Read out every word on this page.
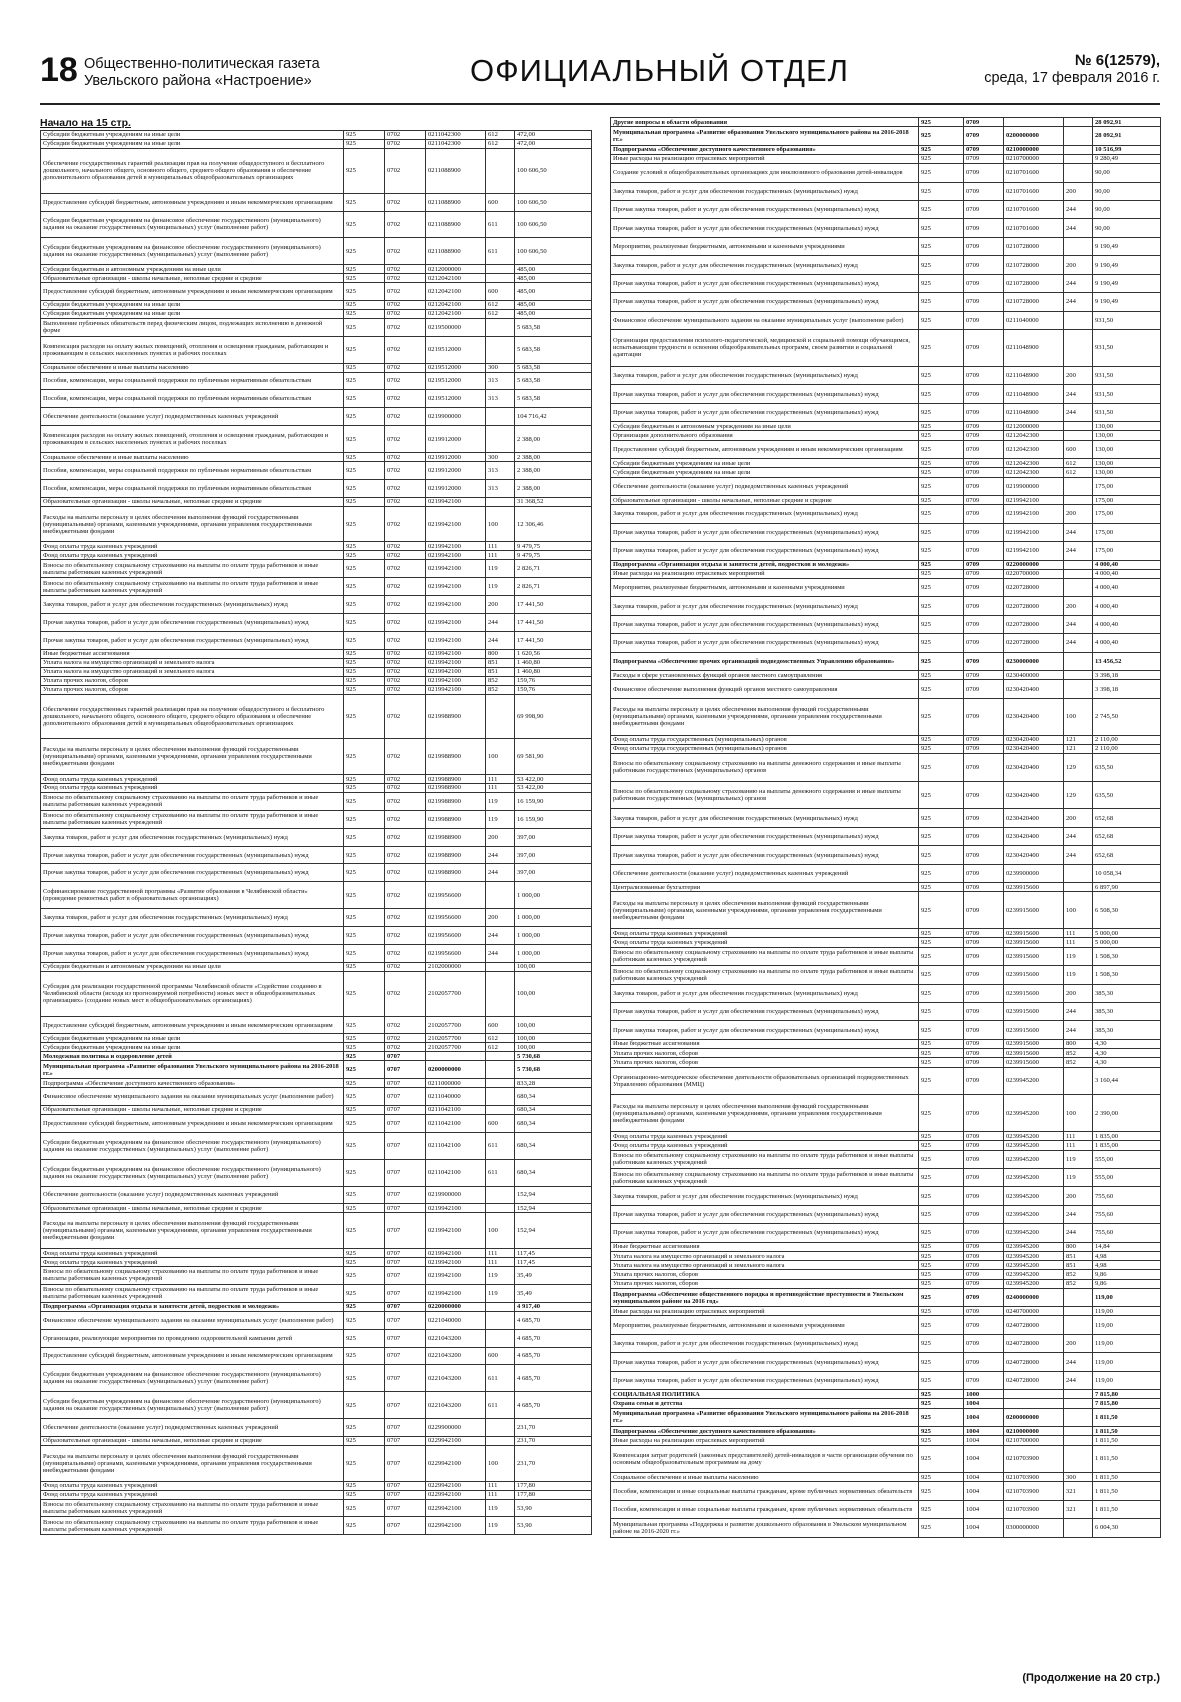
18 Общественно-политическая газета
Увельского района «Настроение»	ОФИЦИАЛЬНЫЙ ОТДЕЛ	№ 6(12579),
среда, 17 февраля 2016 г.
Начало на 15 стр.
Субсидии бюджетным учреждениям на иные цели	925	0702	0211042300	612	472,00
Субсидии бюджетным учреждениям на иные цели	925	0702	0211042300	612	472,00
Обеспечение государственных гарантий реализации прав на получение общедоступного и бесплатного дошкольного, начального общего, основного общего, среднего общего образования и обеспечение дополнительного образования детей в муниципальных общеобразовательных организациях	925	0702	0211088900		100 606,50
Предоставление субсидий бюджетным, автономным учреждениям и иным некоммерческим организациям	925	0702	0211088900	600	100 606,50
Субсидии бюджетным учреждениям на финансовое обеспечение государственного (муниципального) задания на оказание государственных (муниципальных) услуг (выполнение работ)	925	0702	0211088900	611	100 606,50
Субсидии бюджетным учреждениям на финансовое обеспечение государственного (муниципального) задания на оказание государственных (муниципальных) услуг (выполнение работ)	925	0702	0211088900	611	100 606,50
Субсидии бюджетным и автономным учреждениям на иные цели	925	0702	0212000000		485,00
Образовательные организации - школы начальные, неполные средние и средние	925	0702	0212042100		485,00
Предоставление субсидий бюджетным, автономным учреждениям и иным некоммерческим организациям	925	0702	0212042100	600	485,00
Субсидии бюджетным учреждениям на иные цели	925	0702	0212042100	612	485,00
Субсидии бюджетным учреждениям на иные цели	925	0702	0212042100	612	485,00
Выполнение публичных обязательств перед физическим лицом, подлежащих исполнению в денежной форме	925	0702	0219500000		5 683,58
Компенсация расходов на оплату жилых помещений, отопления и освещения гражданам, работающим и проживающим в сельских населенных пунктах и рабочих поселках	925	0702	0219512000		5 683,58
Социальное обеспечение и иные выплаты населению	925	0702	0219512000	300	5 683,58
Пособия, компенсации, меры социальной поддержки по публичным нормативным обязательствам	925	0702	0219512000	313	5 683,58
Пособия, компенсации, меры социальной поддержки по публичным нормативным обязательствам	925	0702	0219512000	313	5 683,58
Обеспечение деятельности (оказание услуг) подведомственных казенных учреждений	925	0702	0219900000		104 716,42
Компенсация расходов на оплату жилых помещений, отопления и освещения гражданам, работающим и проживающим в сельских населенных пунктах и рабочих поселках	925	0702	0219912000		2 388,00
Социальное обеспечение и иные выплаты населению	925	0702	0219912000	300	2 388,00
Пособия, компенсации, меры социальной поддержки по публичным нормативным обязательствам	925	0702	0219912000	313	2 388,00
Пособия, компенсации, меры социальной поддержки по публичным нормативным обязательствам	925	0702	0219912000	313	2 388,00
Образовательные организации - школы начальные, неполные средние и средние	925	0702	0219942100		31 368,52
Расходы на выплаты персоналу в целях обеспечения выполнения функций государственными (муниципальными) органами, казенными учреждениями, органами управления государственными внебюджетными фондами	925	0702	0219942100	100	12 306,46
Фонд оплаты труда казенных учреждений	925	0702	0219942100	111	9 479,75
Фонд оплаты труда казенных учреждений	925	0702	0219942100	111	9 479,75
Взносы по обязательному социальному страхованию на выплаты по оплате труда работников и иные выплаты работникам казенных учреждений	925	0702	0219942100	119	2 826,71
Взносы по обязательному социальному страхованию на выплаты по оплате труда работников и иные выплаты работникам казенных учреждений	925	0702	0219942100	119	2 826,71
Закупка товаров, работ и услуг для обеспечения государственных (муниципальных) нужд	925	0702	0219942100	200	17 441,50
Прочая закупка товаров, работ и услуг для обеспечения государственных (муниципальных) нужд	925	0702	0219942100	244	17 441,50
Прочая закупка товаров, работ и услуг для обеспечения государственных (муниципальных) нужд	925	0702	0219942100	244	17 441,50
Иные бюджетные ассигнования	925	0702	0219942100	800	1 620,56
Уплата налога на имущество организаций и земельного налога	925	0702	0219942100	851	1 460,80
Уплата налога на имущество организаций и земельного налога	925	0702	0219942100	851	1 460,80
Уплата прочих налогов, сборов	925	0702	0219942100	852	159,76
Уплата прочих налогов, сборов	925	0702	0219942100	852	159,76
Обеспечение государственных гарантий реализации прав на получение общедоступного и бесплатного дошкольного, начального общего, основного общего, среднего общего образования и обеспечение дополнительного образования детей в муниципальных общеобразовательных организациях	925	0702	0219988900		69 998,90
Расходы на выплаты персоналу в целях обеспечения выполнения функций государственными (муниципальными) органами, казенными учреждениями, органами управления государственными внебюджетными фондами	925	0702	0219988900	100	69 581,90
Фонд оплаты труда казенных учреждений	925	0702	0219988900	111	53 422,00
Фонд оплаты труда казенных учреждений	925	0702	0219988900	111	53 422,00
Взносы по обязательному социальному страхованию на выплаты по оплате труда работников и иные выплаты работникам казенных учреждений	925	0702	0219988900	119	16 159,90
Взносы по обязательному социальному страхованию на выплаты по оплате труда работников и иные выплаты работникам казенных учреждений	925	0702	0219988900	119	16 159,90
Закупка товаров, работ и услуг для обеспечения государственных (муниципальных) нужд	925	0702	0219988900	200	397,00
Прочая закупка товаров, работ и услуг для обеспечения государственных (муниципальных) нужд	925	0702	0219988900	244	397,00
Прочая закупка товаров, работ и услуг для обеспечения государственных (муниципальных) нужд	925	0702	0219988900	244	397,00
Софинансирование государственной программы «Развитие образования в Челябинской области» (проведение ремонтных работ в образовательных организациях)	925	0702	0219956600		1 000,00
Закупка товаров, работ и услуг для обеспечения государственных (муниципальных) нужд	925	0702	0219956600	200	1 000,00
Прочая закупка товаров, работ и услуг для обеспечения государственных (муниципальных) нужд	925	0702	0219956600	244	1 000,00
Прочая закупка товаров, работ и услуг для обеспечения государственных (муниципальных) нужд	925	0702	0219956600	244	1 000,00
Субсидии бюджетным и автономным учреждениям на иные цели	925	0702	2102000000		100,00
Субсидия для реализации государственной программы Челябинской области «Содействие созданию в Челябинской области (исходя из прогнозируемой потребности) новых мест в общеобразовательных организациях» (создание новых мест в общеобразовательных организациях)	925	0702	2102057700		100,00
Предоставление субсидий бюджетным, автономным учреждениям и иным некоммерческим организациям	925	0702	2102057700	600	100,00
Субсидии бюджетным учреждениям на иные цели	925	0702	2102057700	612	100,00
Субсидии бюджетным учреждениям на иные цели	925	0702	2102057700	612	100,00
Молодежная политика и оздоровление детей	925	0707			5 730,68
Муниципальная программа «Развитие образования Увельского муниципального района на 2016-2018 гг.»	925	0707	0200000000		5 730,68
Подпрограмма «Обеспечение доступного качественного образования»	925	0707	0211000000		833,28
Финансовое обеспечение муниципального задания на оказание муниципальных услуг (выполнение работ)	925	0707	0211040000		680,34
Образовательные организации - школы начальные, неполные средние и средние	925	0707	0211042100		680,34
Предоставление субсидий бюджетным, автономным учреждениям и иным некоммерческим организациям	925	0707	0211042100	600	680,34
Субсидии бюджетным учреждениям на финансовое обеспечение государственного (муниципального) задания на оказание государственных (муниципальных) услуг (выполнение работ)	925	0707	0211042100	611	680,34
Субсидии бюджетным учреждениям на финансовое обеспечение государственного (муниципального) задания на оказание государственных (муниципальных) услуг (выполнение работ)	925	0707	0211042100	611	680,34
Обеспечение деятельности (оказание услуг) подведомственных казенных учреждений	925	0707	0219900000		152,94
Образовательные организации - школы начальные, неполные средние и средние	925	0707	0219942100		152,94
Расходы на выплаты персоналу в целях обеспечения выполнения функций государственными (муниципальными) органами, казенными учреждениями, органами управления государственными внебюджетными фондами	925	0707	0219942100	100	152,94
Фонд оплаты труда казенных учреждений	925	0707	0219942100	111	117,45
Фонд оплаты труда казенных учреждений	925	0707	0219942100	111	117,45
Взносы по обязательному социальному страхованию на выплаты по оплате труда работников и иные выплаты работникам казенных учреждений	925	0707	0219942100	119	35,49
Взносы по обязательному социальному страхованию на выплаты по оплате труда работников и иные выплаты работникам казенных учреждений	925	0707	0219942100	119	35,49
Подпрограмма «Организация отдыха и занятости детей, подростков и молодежи»	925	0707	0220000000		4 917,40
Финансовое обеспечение муниципального задания на оказание муниципальных услуг (выполнение работ)	925	0707	0221040000		4 685,70
Организации, реализующие мероприятия по проведению оздоровительной кампании детей	925	0707	0221043200		4 685,70
Предоставление субсидий бюджетным, автономным учреждениям и иным некоммерческим организациям	925	0707	0221043200	600	4 685,70
Субсидии бюджетным учреждениям на финансовое обеспечение государственного (муниципального) задания на оказание государственных (муниципальных) услуг (выполнение работ)	925	0707	0221043200	611	4 685,70
Субсидии бюджетным учреждениям на финансовое обеспечение государственного (муниципального) задания на оказание государственных (муниципальных) услуг (выполнение работ)	925	0707	0221043200	611	4 685,70
Обеспечение деятельности (оказание услуг) подведомственных казенных учреждений	925	0707	0229900000		231,70
Образовательные организации - школы начальные, неполные средние и средние	925	0707	0229942100		231,70
Расходы на выплаты персоналу в целях обеспечения выполнения функций государственными (муниципальными) органами, казенными учреждениями, органами управления государственными внебюджетными фондами	925	0707	0229942100	100	231,70
Фонд оплаты труда казенных учреждений	925	0707	0229942100	111	177,80
Фонд оплаты труда казенных учреждений	925	0707	0229942100	111	177,80
Взносы по обязательному социальному страхованию на выплаты по оплате труда работников и иные выплаты работникам казенных учреждений	925	0707	0229942100	119	53,90
Взносы по обязательному социальному страхованию на выплаты по оплате труда работников и иные выплаты работникам казенных учреждений	925	0707	0229942100	119	53,90
Другие вопросы в области образования	925	0709			28 092,91
Муниципальная программа «Развитие образования Увельского муниципального района на 2016-2018 гг.»	925	0709	0200000000		28 092,91
Подпрограмма «Обеспечение доступного качественного образования»	925	0709	0210000000		10 516,99
Иные расходы на реализацию отраслевых мероприятий	925	0709	0210700000		9 280,49
Создание условий в общеобразовательных организациях для инклюзивного образования детей-инвалидов	925	0709	0210701600		90,00
Закупка товаров, работ и услуг для обеспечения государственных (муниципальных) нужд	925	0709	0210701600	200	90,00
Прочая закупка товаров, работ и услуг для обеспечения государственных (муниципальных) нужд	925	0709	0210701600	244	90,00
Прочая закупка товаров, работ и услуг для обеспечения государственных (муниципальных) нужд	925	0709	0210701600	244	90,00
Мероприятия, реализуемые бюджетными, автономными и казенными учреждениями	925	0709	0210728000		9 190,49
Закупка товаров, работ и услуг для обеспечения государственных (муниципальных) нужд	925	0709	0210728000	200	9 190,49
Прочая закупка товаров, работ и услуг для обеспечения государственных (муниципальных) нужд	925	0709	0210728000	244	9 190,49
Прочая закупка товаров, работ и услуг для обеспечения государственных (муниципальных) нужд	925	0709	0210728000	244	9 190,49
Финансовое обеспечение муниципального задания на оказание муниципальных услуг (выполнение работ)	925	0709	0211040000		931,50
Организация предоставления психолого-педагогической, медицинской и социальной помощи обучающимся, испытывающим трудности в освоении общеобразовательных программ, своем развитии и социальной адаптации	925	0709	0211048900		931,50
Закупка товаров, работ и услуг для обеспечения государственных (муниципальных) нужд	925	0709	0211048900	200	931,50
Прочая закупка товаров, работ и услуг для обеспечения государственных (муниципальных) нужд	925	0709	0211048900	244	931,50
Прочая закупка товаров, работ и услуг для обеспечения государственных (муниципальных) нужд	925	0709	0211048900	244	931,50
Субсидии бюджетным и автономным учреждениям на иные цели	925	0709	0212000000		130,00
Организации дополнительного образования	925	0709	0212042300		130,00
Предоставление субсидий бюджетным, автономным учреждениям и иным некоммерческим организациям	925	0709	0212042300	600	130,00
Субсидии бюджетным учреждениям на иные цели	925	0709	0212042300	612	130,00
Субсидии бюджетным учреждениям на иные цели	925	0709	0212042300	612	130,00
Обеспечение деятельности (оказание услуг) подведомственных казенных учреждений	925	0709	0219900000		175,00
Образовательные организации - школы начальные, неполные средние и средние	925	0709	0219942100		175,00
Закупка товаров, работ и услуг для обеспечения государственных (муниципальных) нужд	925	0709	0219942100	200	175,00
Прочая закупка товаров, работ и услуг для обеспечения государственных (муниципальных) нужд	925	0709	0219942100	244	175,00
Прочая закупка товаров, работ и услуг для обеспечения государственных (муниципальных) нужд	925	0709	0219942100	244	175,00
Подпрограмма «Организация отдыха и занятости детей, подростков и молодежи»	925	0709	0220000000		4 000,40
Иные расходы на реализацию отраслевых мероприятий	925	0709	0220700000		4 000,40
Мероприятия, реализуемые бюджетными, автономными и казенными учреждениями	925	0709	0220728000		4 000,40
Закупка товаров, работ и услуг для обеспечения государственных (муниципальных) нужд	925	0709	0220728000	200	4 000,40
Прочая закупка товаров, работ и услуг для обеспечения государственных (муниципальных) нужд	925	0709	0220728000	244	4 000,40
Прочая закупка товаров, работ и услуг для обеспечения государственных (муниципальных) нужд	925	0709	0220728000	244	4 000,40
Подпрограмма «Обеспечение прочих организаций подведомственных Управлению образования»	925	0709	0230000000		13 456,52
Расходы в сфере установленных функций органов местного самоуправления	925	0709	0230400000		3 398,18
Финансовое обеспечение выполнения функций органов местного самоуправления	925	0709	0230420400		3 398,18
Расходы на выплаты персоналу в целях обеспечения выполнения функций государственными (муниципальными) органами, казенными учреждениями, органами управления государственными внебюджетными фондами	925	0709	0230420400	100	2 745,50
Фонд оплаты труда государственных (муниципальных) органов	925	0709	0230420400	121	2 110,00
Фонд оплаты труда государственных (муниципальных) органов	925	0709	0230420400	121	2 110,00
Взносы по обязательному социальному страхованию на выплаты денежного содержания и иные выплаты работникам государственных (муниципальных) органов	925	0709	0230420400	129	635,50
Взносы по обязательному социальному страхованию на выплаты денежного содержания и иные выплаты работникам государственных (муниципальных) органов	925	0709	0230420400	129	635,50
Закупка товаров, работ и услуг для обеспечения государственных (муниципальных) нужд	925	0709	0230420400	200	652,68
Прочая закупка товаров, работ и услуг для обеспечения государственных (муниципальных) нужд	925	0709	0230420400	244	652,68
Прочая закупка товаров, работ и услуг для обеспечения государственных (муниципальных) нужд	925	0709	0230420400	244	652,68
Обеспечение деятельности (оказание услуг) подведомственных казенных учреждений	925	0709	0239900000		10 058,34
Централизованные бухгалтерии	925	0709	0239915600		6 897,90
Расходы на выплаты персоналу в целях обеспечения выполнения функций государственными (муниципальными) органами, казенными учреждениями, органами управления государственными внебюджетными фондами	925	0709	0239915600	100	6 508,30
Фонд оплаты труда казенных учреждений	925	0709	0239915600	111	5 000,00
Фонд оплаты труда казенных учреждений	925	0709	0239915600	111	5 000,00
Взносы по обязательному социальному страхованию на выплаты по оплате труда работников и иные выплаты работникам казенных учреждений	925	0709	0239915600	119	1 508,30
Взносы по обязательному социальному страхованию на выплаты по оплате труда работников и иные выплаты работникам казенных учреждений	925	0709	0239915600	119	1 508,30
Закупка товаров, работ и услуг для обеспечения государственных (муниципальных) нужд	925	0709	0239915600	200	385,30
Прочая закупка товаров, работ и услуг для обеспечения государственных (муниципальных) нужд	925	0709	0239915600	244	385,30
Прочая закупка товаров, работ и услуг для обеспечения государственных (муниципальных) нужд	925	0709	0239915600	244	385,30
Иные бюджетные ассигнования	925	0709	0239915600	800	4,30
Уплата прочих налогов, сборов	925	0709	0239915600	852	4,30
Уплата прочих налогов, сборов	925	0709	0239915600	852	4,30
Организационно-методическое обеспечение деятельности образовательных организаций подведомственных Управлению образования (ММЦ)	925	0709	0239945200		3 160,44
Расходы на выплаты персоналу в целях обеспечения выполнения функций государственными (муниципальными) органами, казенными учреждениями, органами управления государственными внебюджетными фондами	925	0709	0239945200	100	2 390,00
Фонд оплаты труда казенных учреждений	925	0709	0239945200	111	1 835,00
Фонд оплаты труда казенных учреждений	925	0709	0239945200	111	1 835,00
Взносы по обязательному социальному страхованию на выплаты по оплате труда работников и иные выплаты работникам казенных учреждений	925	0709	0239945200	119	555,00
Взносы по обязательному социальному страхованию на выплаты по оплате труда работников и иные выплаты работникам казенных учреждений	925	0709	0239945200	119	555,00
Закупка товаров, работ и услуг для обеспечения государственных (муниципальных) нужд	925	0709	0239945200	200	755,60
Прочая закупка товаров, работ и услуг для обеспечения государственных (муниципальных) нужд	925	0709	0239945200	244	755,60
Прочая закупка товаров, работ и услуг для обеспечения государственных (муниципальных) нужд	925	0709	0239945200	244	755,60
Иные бюджетные ассигнования	925	0709	0239945200	800	14,84
Уплата налога на имущество организаций и земельного налога	925	0709	0239945200	851	4,98
Уплата налога на имущество организаций и земельного налога	925	0709	0239945200	851	4,98
Уплата прочих налогов, сборов	925	0709	0239945200	852	9,86
Уплата прочих налогов, сборов	925	0709	0239945200	852	9,86
Подпрограмма «Обеспечение общественного порядка и противодействие преступности в Увельском муниципальном районе на 2016 год»	925	0709	0240000000		119,00
Иные расходы на реализацию отраслевых мероприятий	925	0709	0240700000		119,00
Мероприятия, реализуемые бюджетными, автономными и казенными учреждениями	925	0709	0240728000		119,00
Закупка товаров, работ и услуг для обеспечения государственных (муниципальных) нужд	925	0709	0240728000	200	119,00
Прочая закупка товаров, работ и услуг для обеспечения государственных (муниципальных) нужд	925	0709	0240728000	244	119,00
Прочая закупка товаров, работ и услуг для обеспечения государственных (муниципальных) нужд	925	0709	0240728000	244	119,00
СОЦИАЛЬНАЯ ПОЛИТИКА	925	1000			7 815,80
Охрана семьи и детства	925	1004			7 815,80
Муниципальная программа «Развитие образования Увельского муниципального района на 2016-2018 гг.»	925	1004	0200000000		1 811,50
Подпрограмма «Обеспечение доступного качественного образования»	925	1004	0210000000		1 811,50
Иные расходы на реализацию отраслевых мероприятий	925	1004	0210700000		1 811,50
Компенсация затрат родителей (законных представителей) детей-инвалидов в части организации обучения по основным общеобразовательным программам на дому	925	1004	0210703900		1 811,50
Социальное обеспечение и иные выплаты населению	925	1004	0210703900	300	1 811,50
Пособия, компенсации и иные социальные выплаты гражданам, кроме публичных нормативных обязательств	925	1004	0210703900	321	1 811,50
Пособия, компенсации и иные социальные выплаты гражданам, кроме публичных нормативных обязательств	925	1004	0210703900	321	1 811,50
Муниципальная программа «Поддержка и развитие дошкольного образования в Увельском муниципальном районе на 2016-2020 гг.»	925	1004	0300000000		6 004,30
(Продолжение на 20 стр.)
